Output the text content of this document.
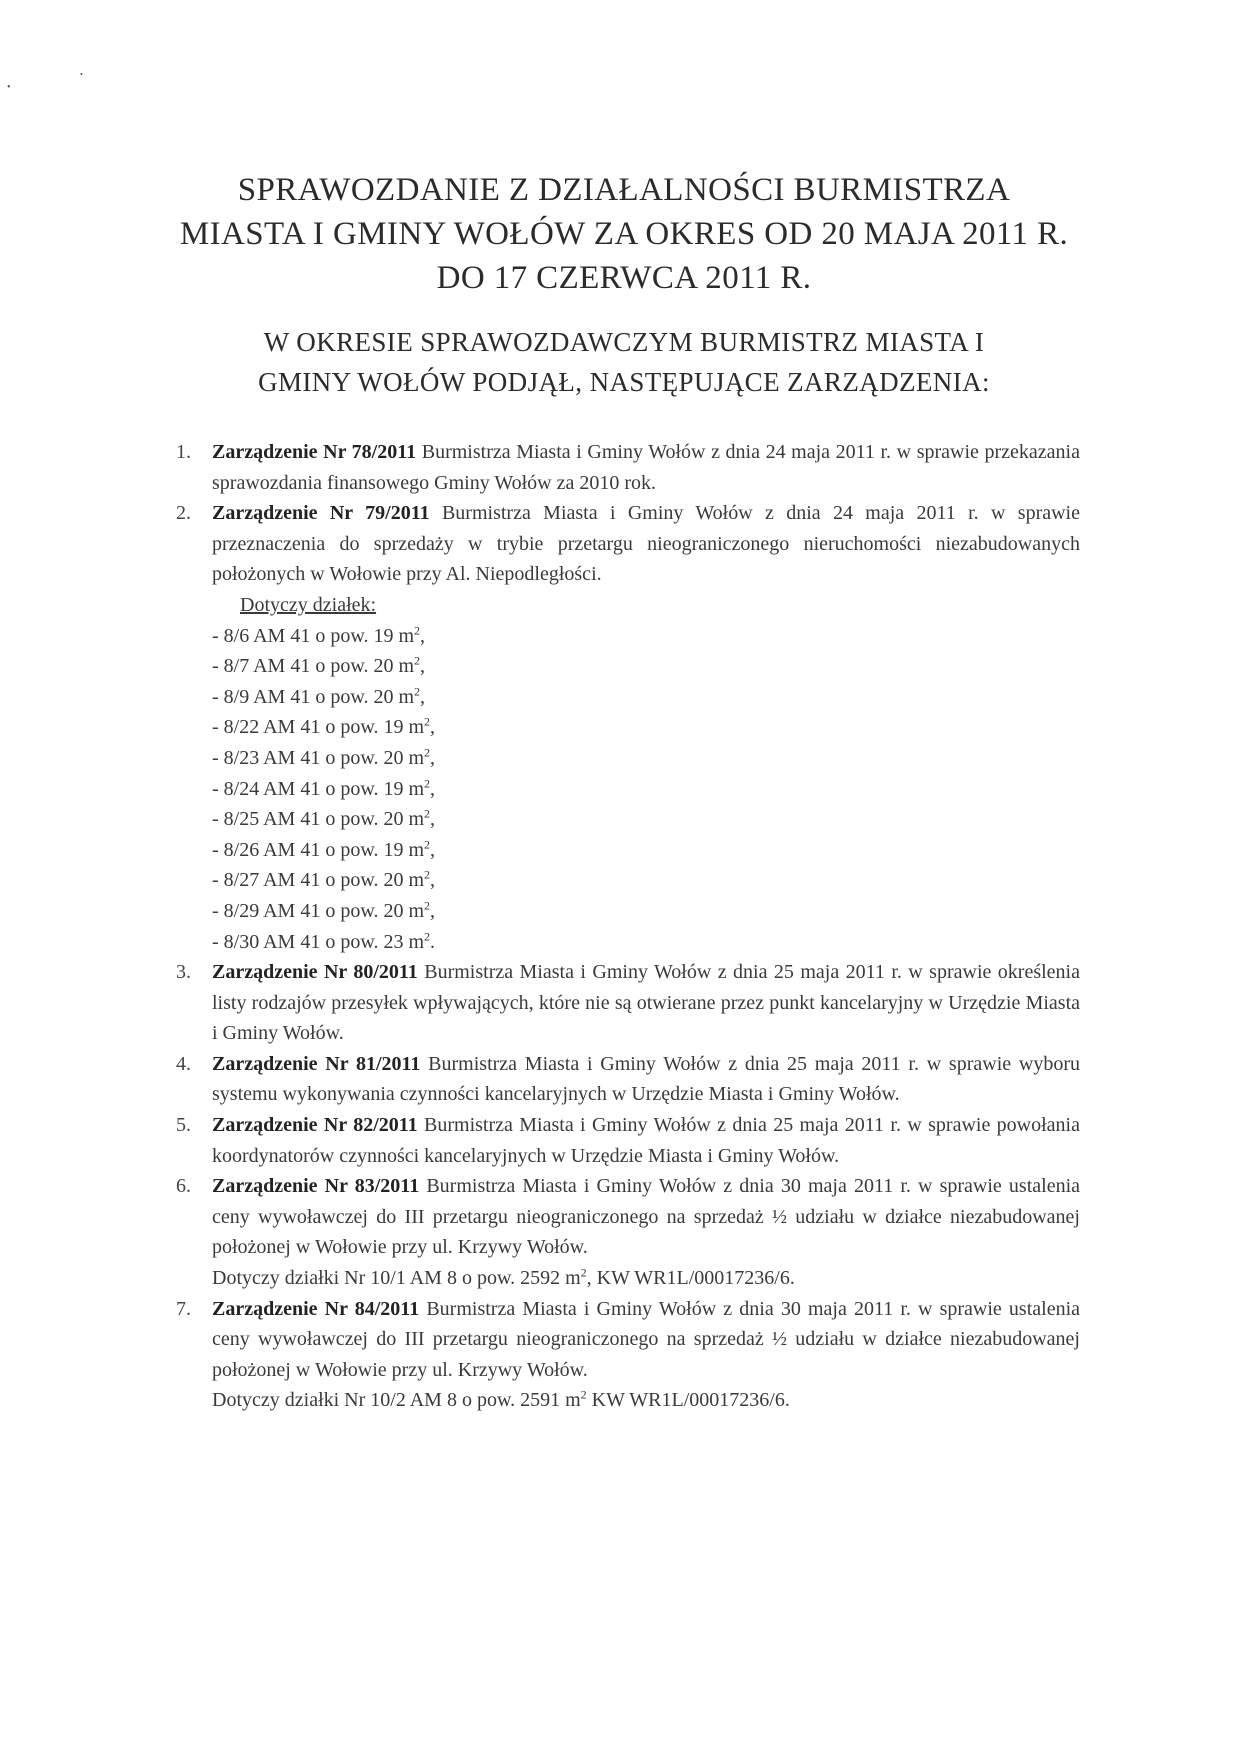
•
•
SPRAWOZDANIE Z DZIAŁALNOŚCI BURMISTRZA
MIASTA I GMINY WOŁÓW ZA OKRES OD 20 MAJA 2011 R.
DO 17 CZERWCA 2011 R.
W OKRESIE SPRAWOZDAWCZYM BURMISTRZ MIASTA I
GMINY WOŁÓW PODJĄŁ, NASTĘPUJĄCE ZARZĄDZENIA:
1. Zarządzenie Nr 78/2011 Burmistrza Miasta i Gminy Wołów z dnia 24 maja 2011 r. w sprawie przekazania sprawozdania finansowego Gminy Wołów za 2010 rok.
2. Zarządzenie Nr 79/2011 Burmistrza Miasta i Gminy Wołów z dnia 24 maja 2011 r. w sprawie przeznaczenia do sprzedaży w trybie przetargu nieograniczonego nieruchomości niezabudowanych położonych w Wołowie przy Al. Niepodległości.
Dotyczy działek:
- 8/6 AM 41 o pow. 19 $m^2$,
- 8/7 AM 41 o pow. 20 $m^2$,
- 8/9 AM 41 o pow. 20 $m^2$,
- 8/22 AM 41 o pow. 19 $m^2$,
- 8/23 AM 41 o pow. 20 $m^2$,
- 8/24 AM 41 o pow. 19 $m^2$,
- 8/25 AM 41 o pow. 20 $m^2$,
- 8/26 AM 41 o pow. 19 $m^2$,
- 8/27 AM 41 o pow. 20 $m^2$,
- 8/29 AM 41 o pow. 20 $m^2$,
- 8/30 AM 41 o pow. 23 $m^2$.
3. Zarządzenie Nr 80/2011 Burmistrza Miasta i Gminy Wołów z dnia 25 maja 2011 r. w sprawie określenia listy rodzajów przesyłek wpływających, które nie są otwierane przez punkt kancelaryjny w Urzędzie Miasta i Gminy Wołów.
4. Zarządzenie Nr 81/2011 Burmistrza Miasta i Gminy Wołów z dnia 25 maja 2011 r. w sprawie wyboru systemu wykonywania czynności kancelaryjnych w Urzędzie Miasta i Gminy Wołów.
5. Zarządzenie Nr 82/2011 Burmistrza Miasta i Gminy Wołów z dnia 25 maja 2011 r. w sprawie powołania koordynatorów czynności kancelaryjnych w Urzędzie Miasta i Gminy Wołów.
6. Zarządzenie Nr 83/2011 Burmistrza Miasta i Gminy Wołów z dnia 30 maja 2011 r. w sprawie ustalenia ceny wywoławczej do III przetargu nieograniczonego na sprzedaż ½ udziału w działce niezabudowanej położonej w Wołowie przy ul. Krzywy Wołów.
Dotyczy działki Nr 10/1 AM 8 o pow. 2592 $m^2$, KW WR1L/00017236/6.
7. Zarządzenie Nr 84/2011 Burmistrza Miasta i Gminy Wołów z dnia 30 maja 2011 r. w sprawie ustalenia ceny wywoławczej do III przetargu nieograniczonego na sprzedaż ½ udziału w działce niezabudowanej położonej w Wołowie przy ul. Krzywy Wołów.
Dotyczy działki Nr 10/2 AM 8 o pow. 2591 $m^2$ KW WR1L/00017236/6.
